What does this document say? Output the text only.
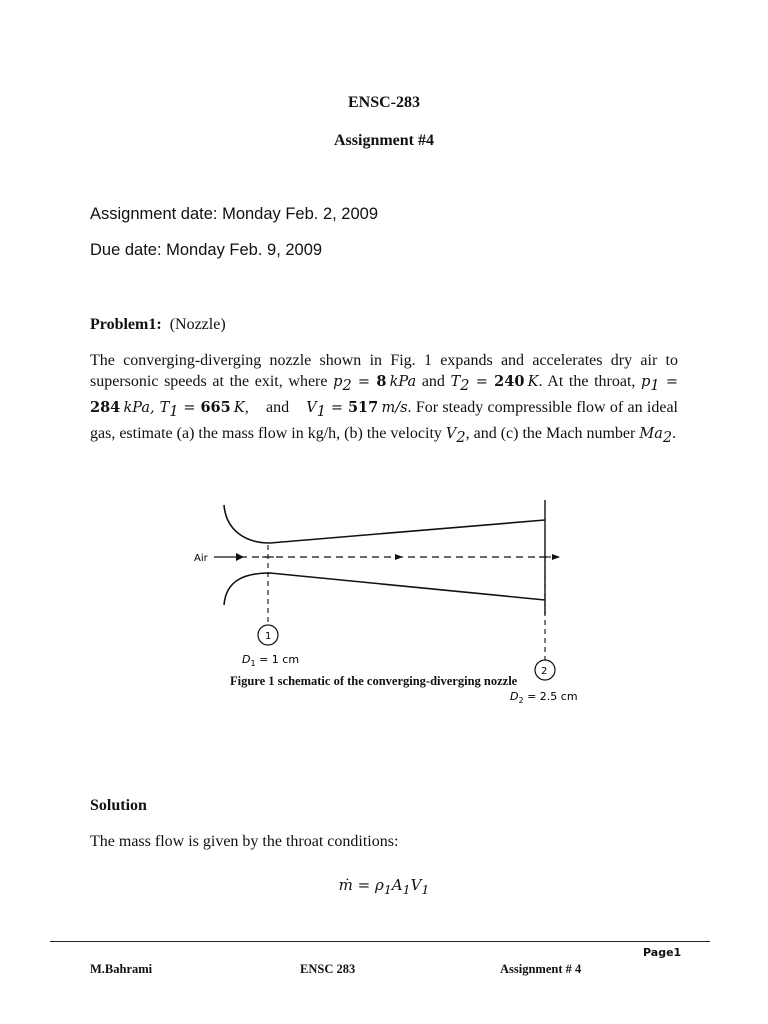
ENSC-283
Assignment #4
Assignment date: Monday Feb. 2, 2009
Due date: Monday Feb. 9, 2009
Problem1: (Nozzle)
The converging-diverging nozzle shown in Fig. 1 expands and accelerates dry air to supersonic speeds at the exit, where $p_2 = 8$  kPa and $T_2 = 240$  K. At the throat, $p_1 = 284$  kPa, $T_1 = 665$  K,    and    $V_1 = 517$  m/s. For steady compressible flow of an ideal gas, estimate (a) the mass flow in kg/h, (b) the velocity $V_2$, and (c) the Mach number $Ma_2$.
Air
1
$D_1 = 1$ cm
2
$D_2 = 2.5$ cm
Figure 1 schematic of the converging-diverging nozzle
Solution
The mass flow is given by the throat conditions:
ṁ = $\rho_1A_1V_1$
Page1
M.Bahrami	ENSC 283	Assignment # 4
